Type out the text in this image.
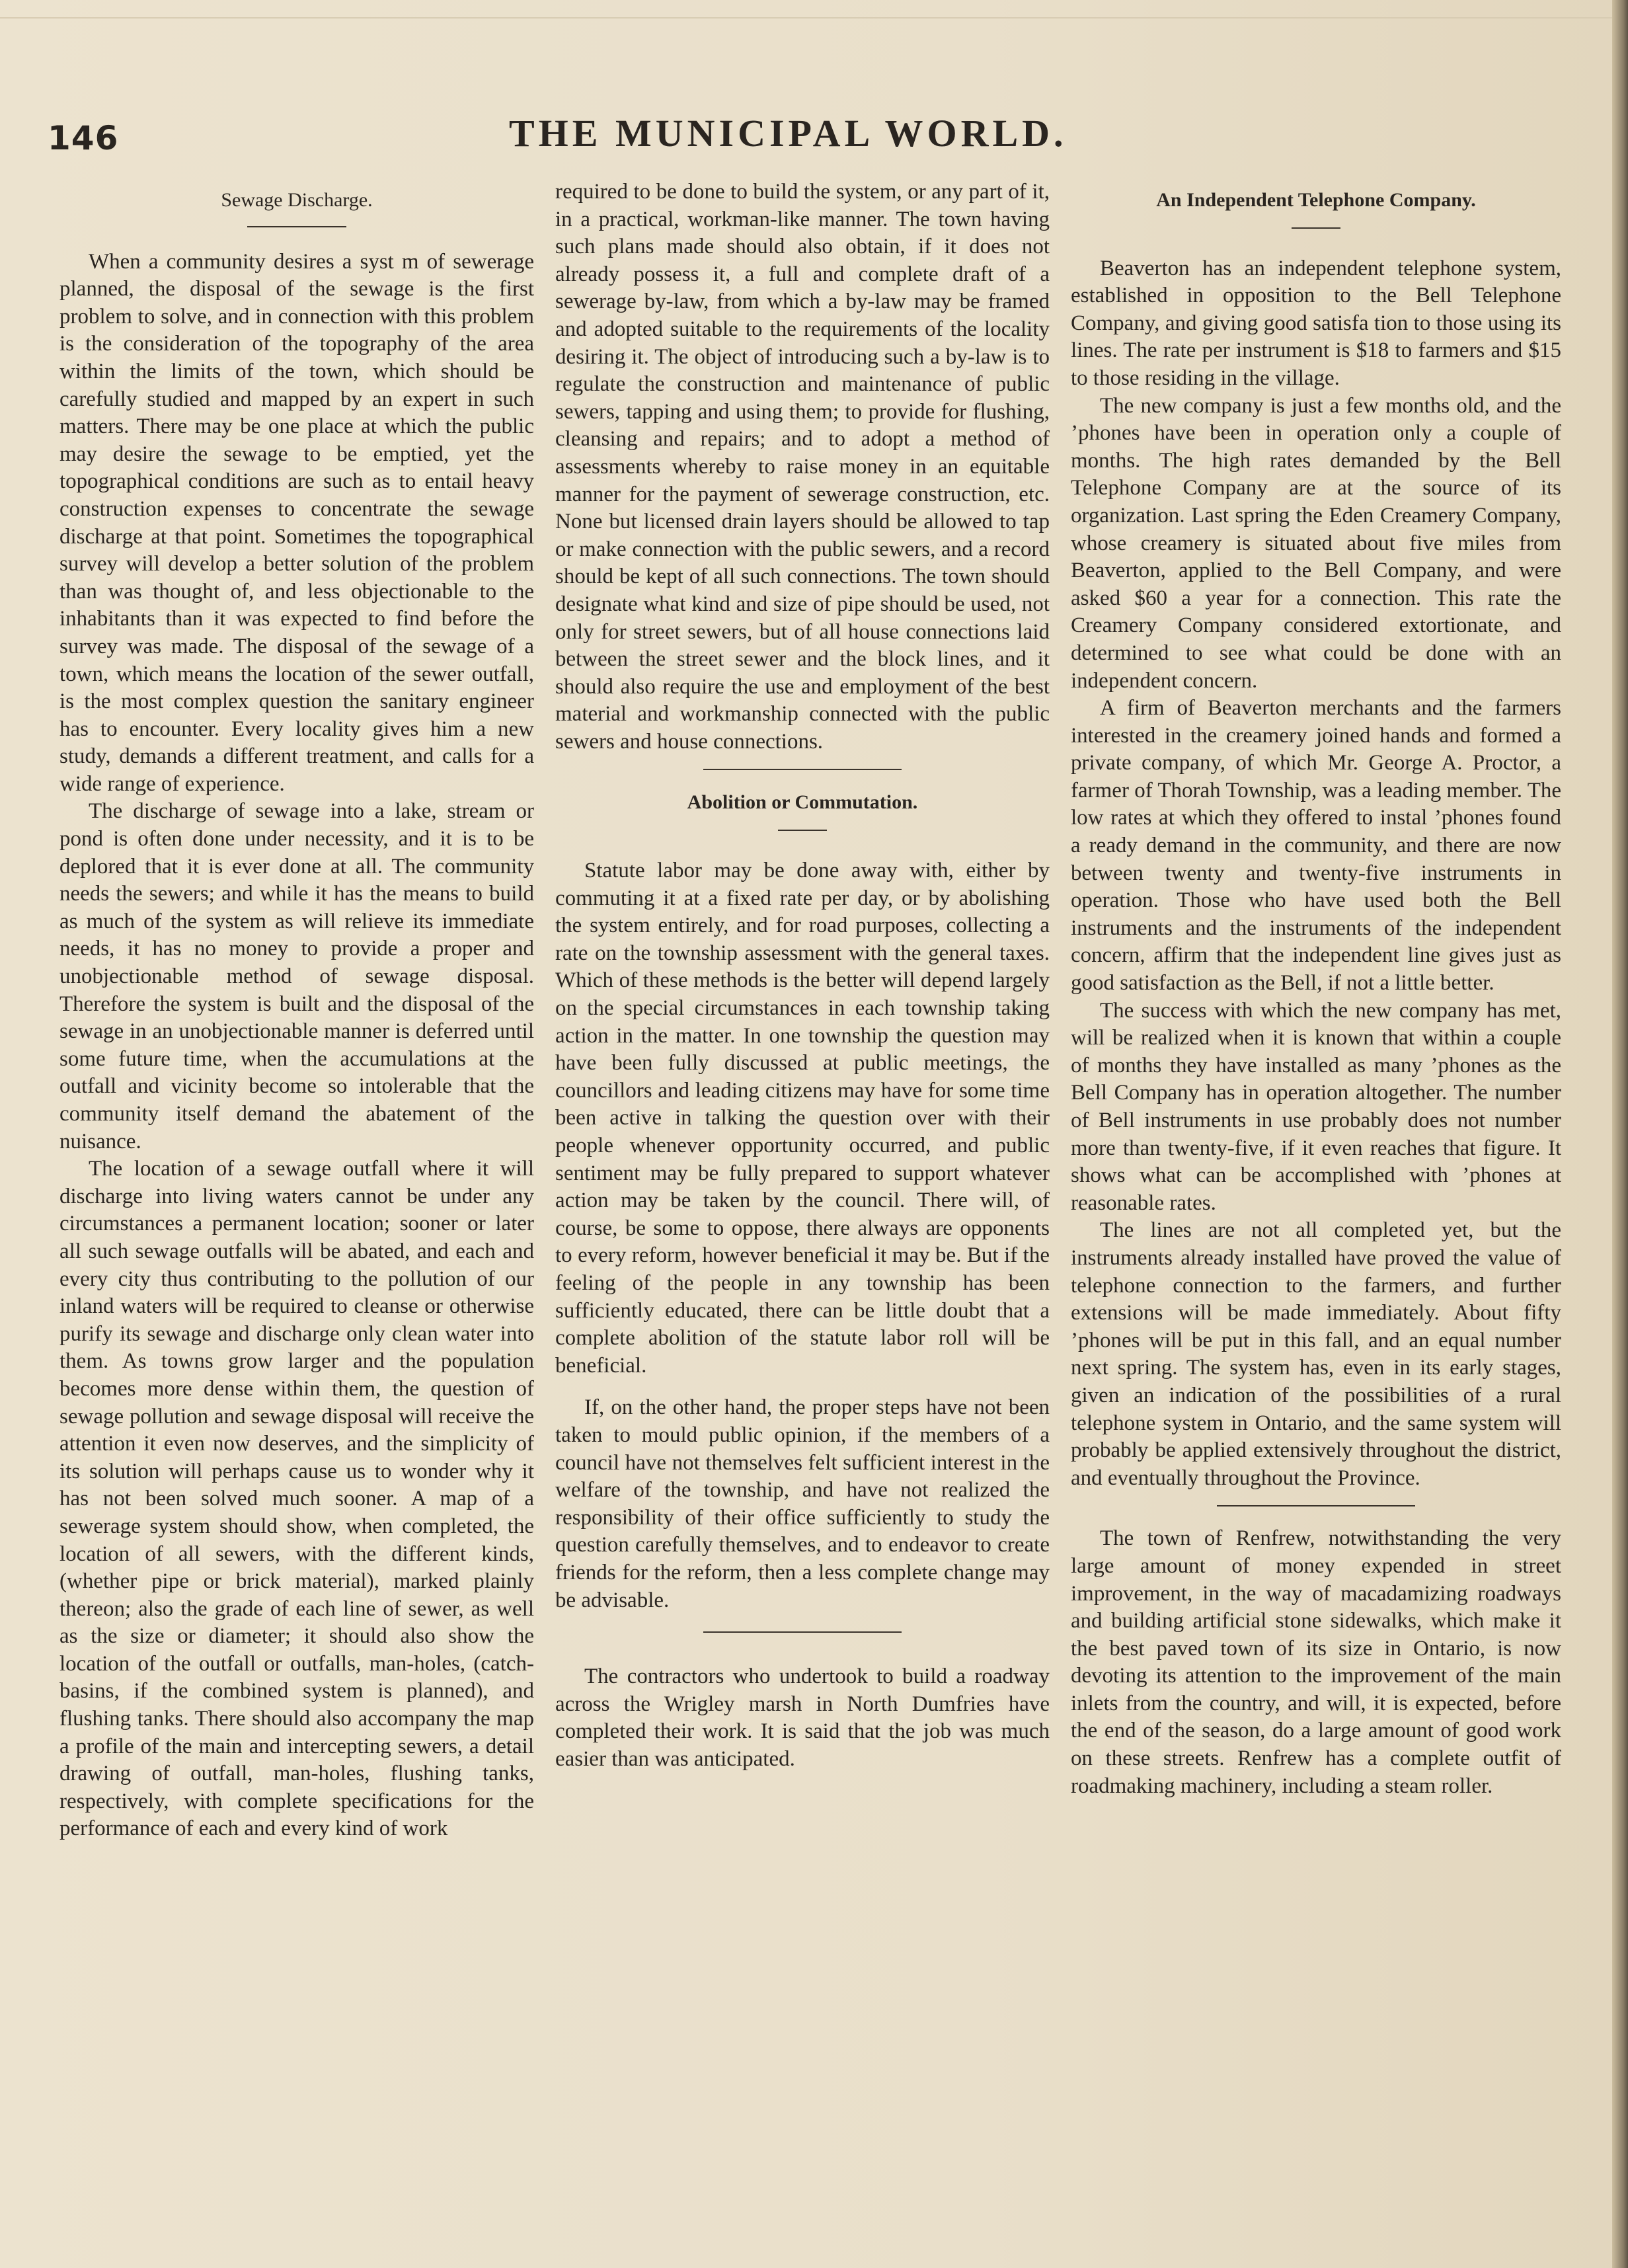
146	THE MUNICIPAL WORLD.
Sewage Discharge.

When a community desires a syst m of sewerage planned, the disposal of the sewage is the first problem to solve, and in connection with this problem is the consideration of the topography of the area within the limits of the town, which should be carefully studied and mapped by an expert in such matters. There may be one place at which the public may desire the sewage to be emptied, yet the topographical conditions are such as to entail heavy construction expenses to concentrate the sewage discharge at that point. Sometimes the topographical survey will develop a better solution of the problem than was thought of, and less objectionable to the inhabitants than it was expected to find before the survey was made. The disposal of the sewage of a town, which means the location of the sewer outfall, is the most complex question the sanitary engineer has to encounter. Every locality gives him a new study, demands a different treatment, and calls for a wide range of experience.

The discharge of sewage into a lake, stream or pond is often done under necessity, and it is to be deplored that it is ever done at all. The community needs the sewers; and while it has the means to build as much of the system as will relieve its immediate needs, it has no money to provide a proper and unobjectionable method of sewage disposal. Therefore the system is built and the disposal of the sewage in an unobjectionable manner is deferred until some future time, when the accumulations at the outfall and vicinity become so intolerable that the community itself demand the abatement of the nuisance.

The location of a sewage outfall where it will discharge into living waters cannot be under any circumstances a permanent location; sooner or later all such sewage outfalls will be abated, and each and every city thus contributing to the pollution of our inland waters will be required to cleanse or otherwise purify its sewage and discharge only clean water into them. As towns grow larger and the population becomes more dense within them, the question of sewage pollution and sewage disposal will receive the attention it even now deserves, and the simplicity of its solution will perhaps cause us to wonder why it has not been solved much sooner. A map of a sewerage system should show, when completed, the location of all sewers, with the different kinds, (whether pipe or brick material), marked plainly thereon; also the grade of each line of sewer, as well as the size or diameter; it should also show the location of the outfall or outfalls, man-holes, (catch-basins, if the combined system is planned), and flushing tanks. There should also accompany the map a profile of the main and intercepting sewers, a detail drawing of outfall, man-holes, flushing tanks, respectively, with complete specifications for the performance of each and every kind of work

required to be done to build the system, or any part of it, in a practical, workman-like manner. The town having such plans made should also obtain, if it does not already possess it, a full and complete draft of a sewerage by-law, from which a by-law may be framed and adopted suitable to the requirements of the locality desiring it. The object of introducing such a by-law is to regulate the construction and maintenance of public sewers, tapping and using them; to provide for flushing, cleansing and repairs; and to adopt a method of assessments whereby to raise money in an equitable manner for the payment of sewerage construction, etc. None but licensed drain layers should be allowed to tap or make connection with the public sewers, and a record should be kept of all such connections. The town should designate what kind and size of pipe should be used, not only for street sewers, but of all house connections laid between the street sewer and the block lines, and it should also require the use and employment of the best material and workmanship connected with the public sewers and house connections.

Abolition or Commutation.

Statute labor may be done away with, either by commuting it at a fixed rate per day, or by abolishing the system entirely, and for road purposes, collecting a rate on the township assessment with the general taxes. Which of these methods is the better will depend largely on the special circumstances in each township taking action in the matter. In one township the question may have been fully discussed at public meetings, the councillors and leading citizens may have for some time been active in talking the question over with their people whenever opportunity occurred, and public sentiment may be fully prepared to support whatever action may be taken by the council. There will, of course, be some to oppose, there always are opponents to every reform, however beneficial it may be. But if the feeling of the people in any township has been sufficiently educated, there can be little doubt that a complete abolition of the statute labor roll will be beneficial.

If, on the other hand, the proper steps have not been taken to mould public opinion, if the members of a council have not themselves felt sufficient interest in the welfare of the township, and have not realized the responsibility of their office sufficiently to study the question carefully themselves, and to endeavor to create friends for the reform, then a less complete change may be advisable.

The contractors who undertook to build a roadway across the Wrigley marsh in North Dumfries have completed their work. It is said that the job was much easier than was anticipated.

An Independent Telephone Company.

Beaverton has an independent telephone system, established in opposition to the Bell Telephone Company, and giving good satisfa tion to those using its lines. The rate per instrument is $18 to farmers and $15 to those residing in the village.

The new company is just a few months old, and the ’phones have been in operation only a couple of months. The high rates demanded by the Bell Telephone Company are at the source of its organization. Last spring the Eden Creamery Company, whose creamery is situated about five miles from Beaverton, applied to the Bell Company, and were asked $60 a year for a connection. This rate the Creamery Company considered extortionate, and determined to see what could be done with an independent concern.

A firm of Beaverton merchants and the farmers interested in the creamery joined hands and formed a private company, of which Mr. George A. Proctor, a farmer of Thorah Township, was a leading member. The low rates at which they offered to instal ’phones found a ready demand in the community, and there are now between twenty and twenty-five instruments in operation. Those who have used both the Bell instruments and the instruments of the independent concern, affirm that the independent line gives just as good satisfaction as the Bell, if not a little better.

The success with which the new company has met, will be realized when it is known that within a couple of months they have installed as many ’phones as the Bell Company has in operation altogether. The number of Bell instruments in use probably does not number more than twenty-five, if it even reaches that figure. It shows what can be accomplished with ’phones at reasonable rates.

The lines are not all completed yet, but the instruments already installed have proved the value of telephone connection to the farmers, and further extensions will be made immediately. About fifty ’phones will be put in this fall, and an equal number next spring. The system has, even in its early stages, given an indication of the possibilities of a rural telephone system in Ontario, and the same system will probably be applied extensively throughout the district, and eventually throughout the Province.

The town of Renfrew, notwithstanding the very large amount of money expended in street improvement, in the way of macadamizing roadways and building artificial stone sidewalks, which make it the best paved town of its size in Ontario, is now devoting its attention to the improvement of the main inlets from the country, and will, it is expected, before the end of the season, do a large amount of good work on these streets. Renfrew has a complete outfit of roadmaking machinery, including a steam roller.
